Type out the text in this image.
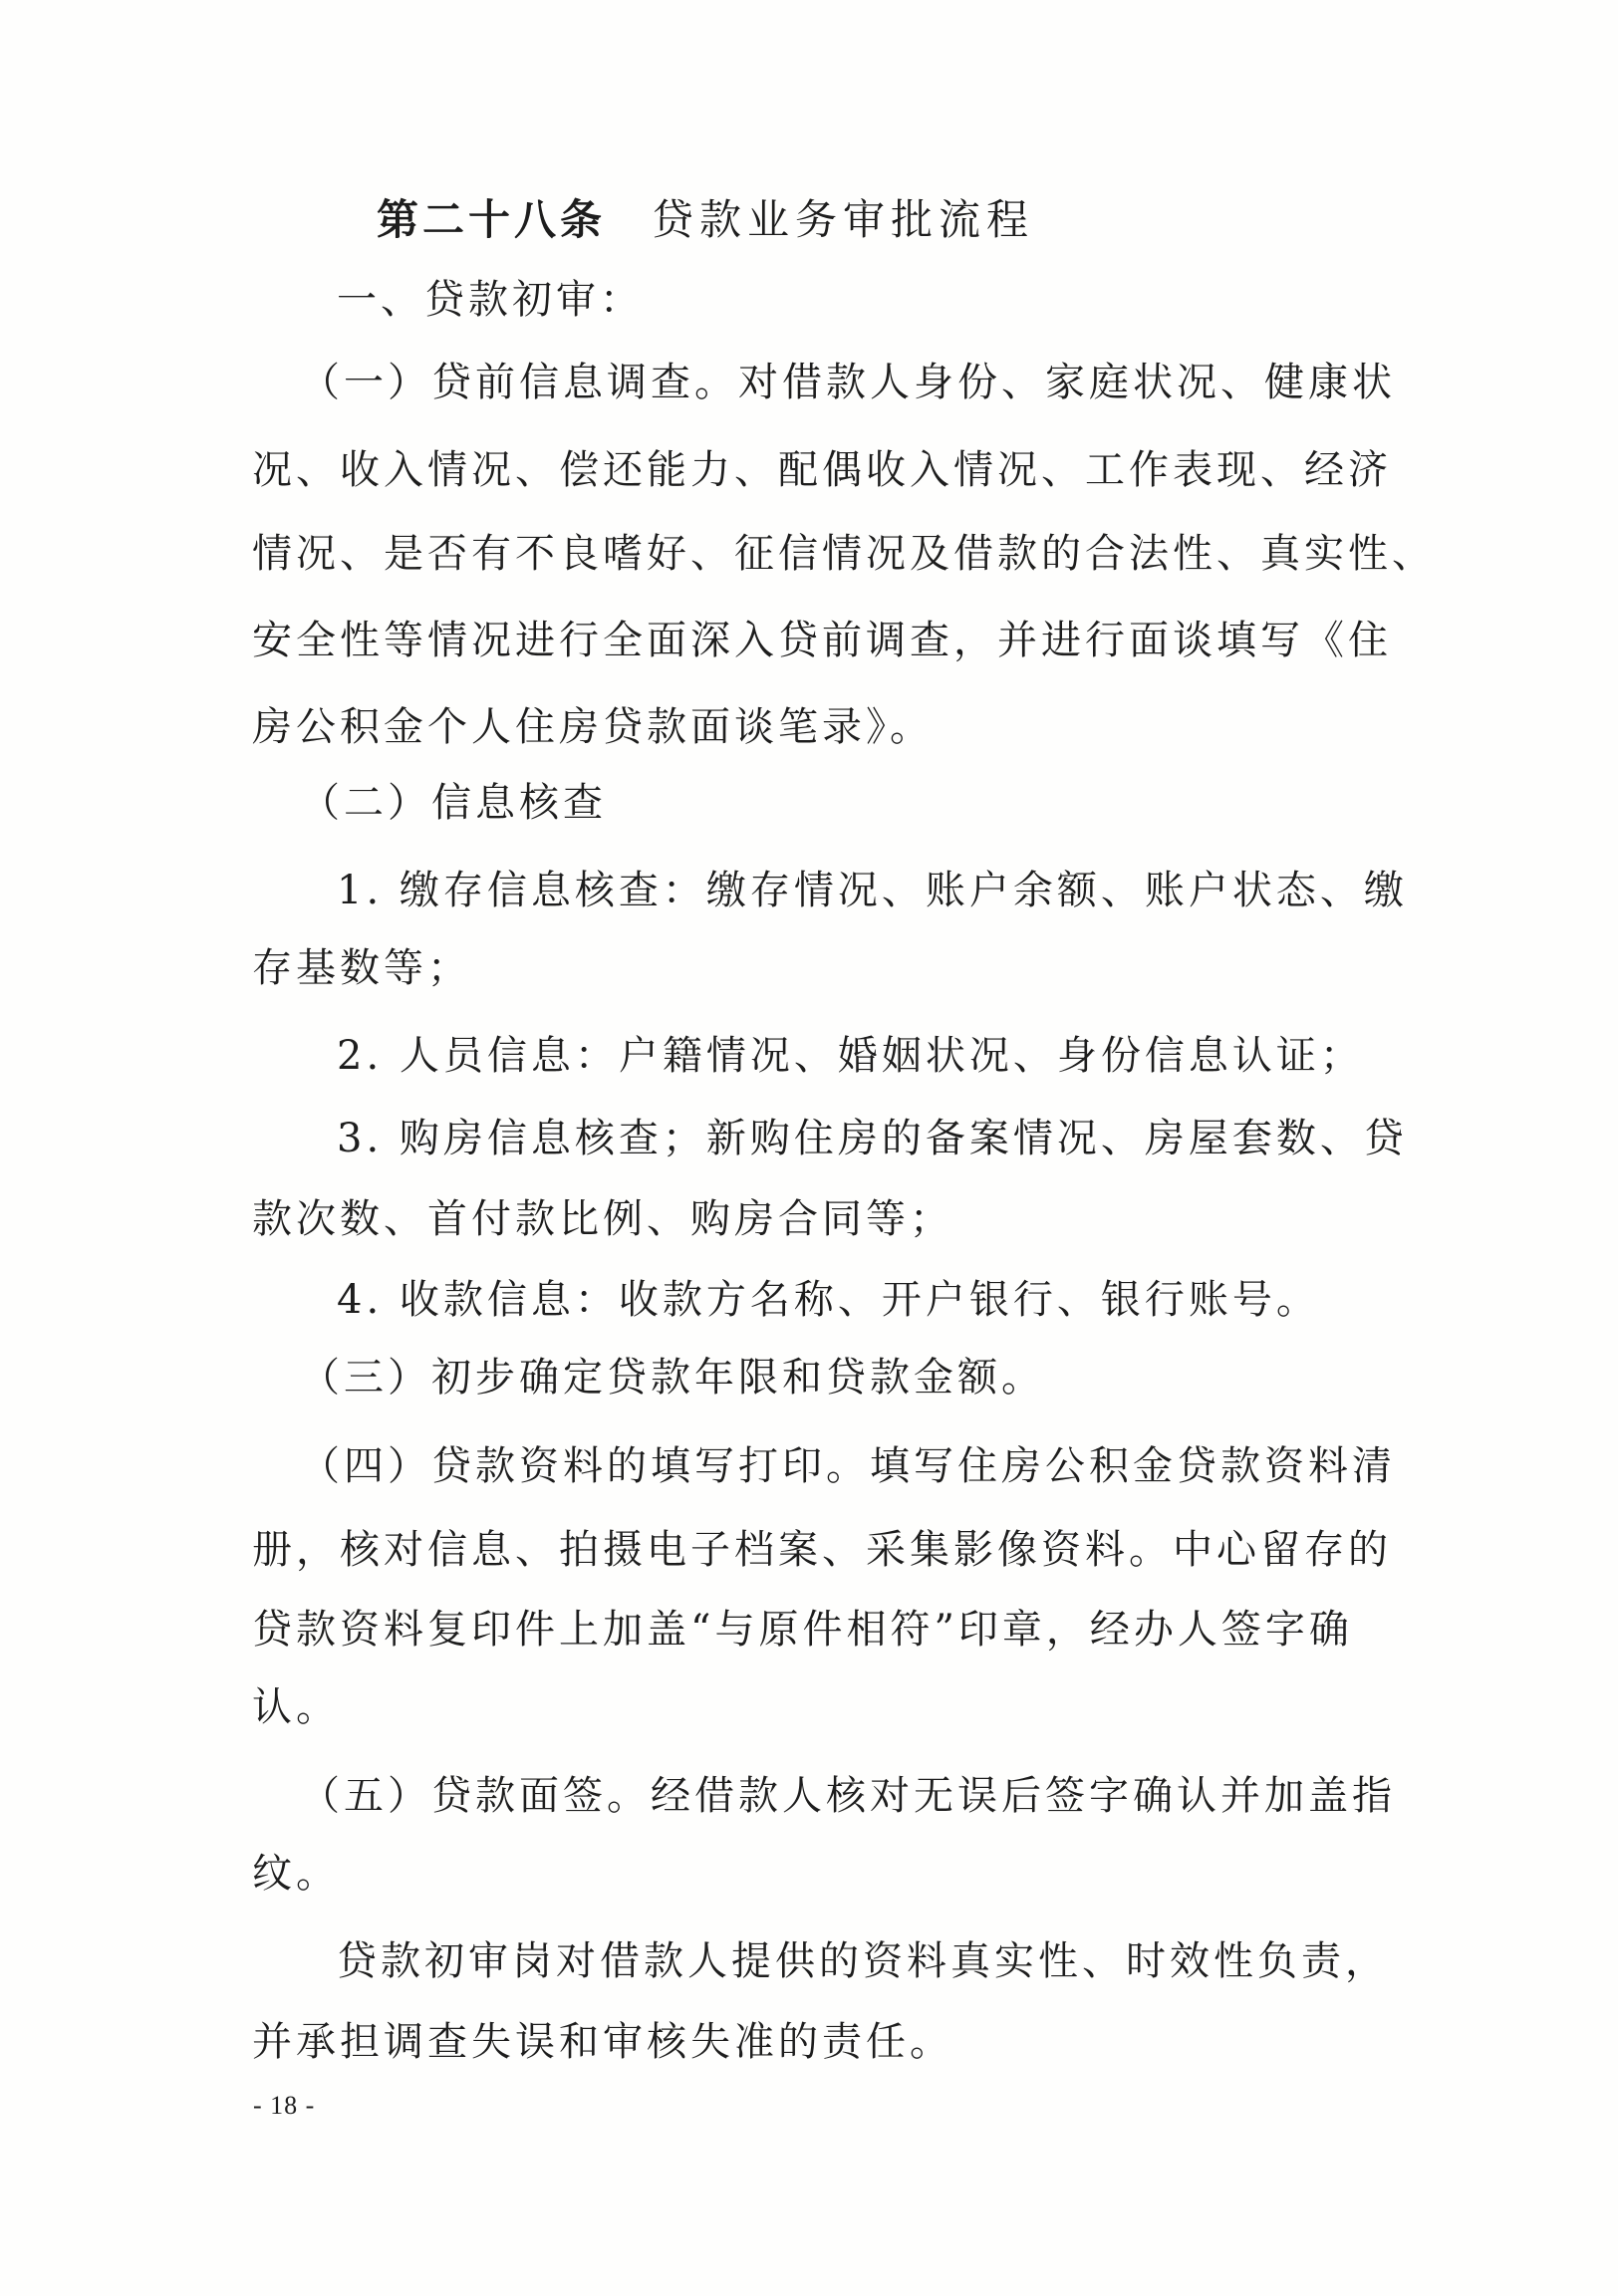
第二十八条 贷款业务审批流程
一、贷款初审：
（一）贷前信息调查。对借款人身份、家庭状况、健康状
况、收入情况、偿还能力、配偶收入情况、工作表现、经济
情况、是否有不良嗜好、征信情况及借款的合法性、真实性、
安全性等情况进行全面深入贷前调查，并进行面谈填写《住
房公积金个人住房贷款面谈笔录》。
（二）信息核查
1. 缴存信息核查：缴存情况、账户余额、账户状态、缴
存基数等；
2. 人员信息：户籍情况、婚姻状况、身份信息认证；
3. 购房信息核查；新购住房的备案情况、房屋套数、贷
款次数、首付款比例、购房合同等；
4. 收款信息：收款方名称、开户银行、银行账号。
（三）初步确定贷款年限和贷款金额。
（四）贷款资料的填写打印。填写住房公积金贷款资料清
册，核对信息、拍摄电子档案、采集影像资料。中心留存的
贷款资料复印件上加盖“与原件相符”印章，经办人签字确
认。
（五）贷款面签。经借款人核对无误后签字确认并加盖指
纹。
贷款初审岗对借款人提供的资料真实性、时效性负责，
并承担调查失误和审核失准的责任。
- 18 -
